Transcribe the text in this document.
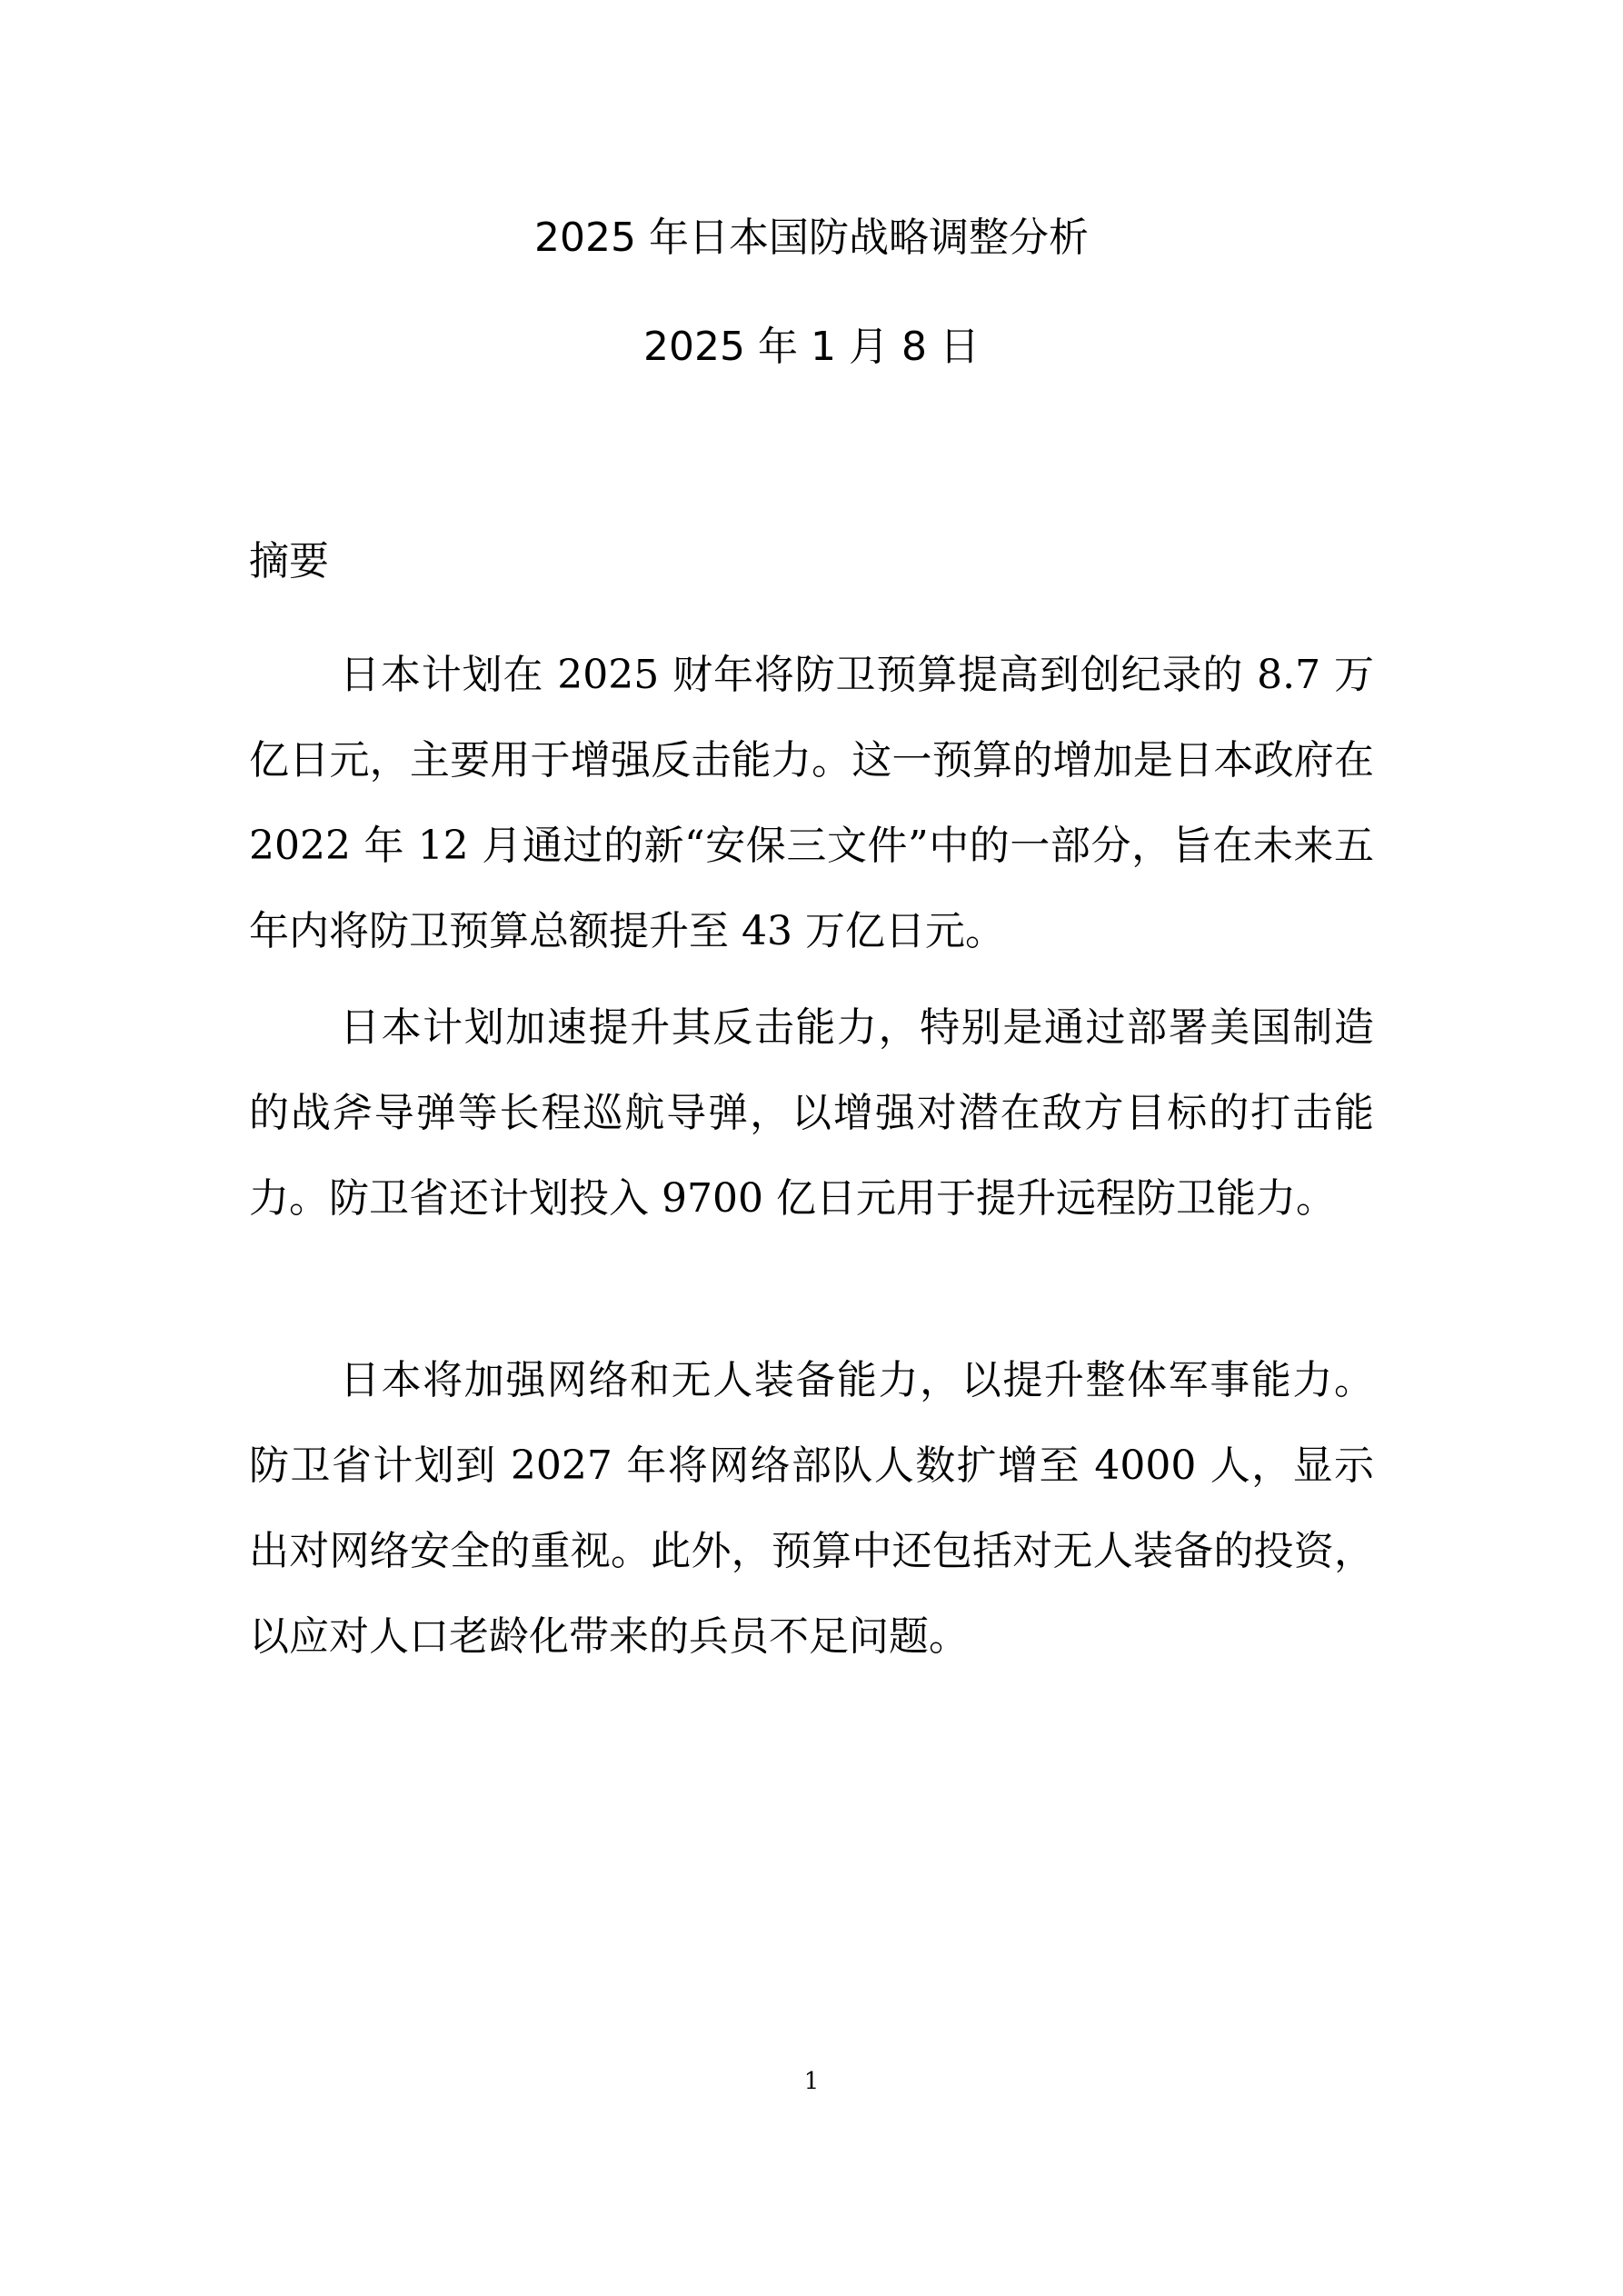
2025 年日本国防战略调整分析
2025 年 1 月 8 日
摘要

日本计划在 2025 财年将防卫预算提高到创纪录的 8.7 万亿日元，主要用于增强反击能力。这一预算的增加是日本政府在 2022 年 12 月通过的新“安保三文件”中的一部分，旨在未来五年内将防卫预算总额提升至 43 万亿日元。

日本计划加速提升其反击能力，特别是通过部署美国制造的战斧导弹等长程巡航导弹，以增强对潜在敌方目标的打击能力。防卫省还计划投入 9700 亿日元用于提升远程防卫能力。

日本将加强网络和无人装备能力，以提升整体军事能力。防卫省计划到 2027 年将网络部队人数扩增至 4000 人，显示出对网络安全的重视。此外，预算中还包括对无人装备的投资，以应对人口老龄化带来的兵员不足问题。

1
